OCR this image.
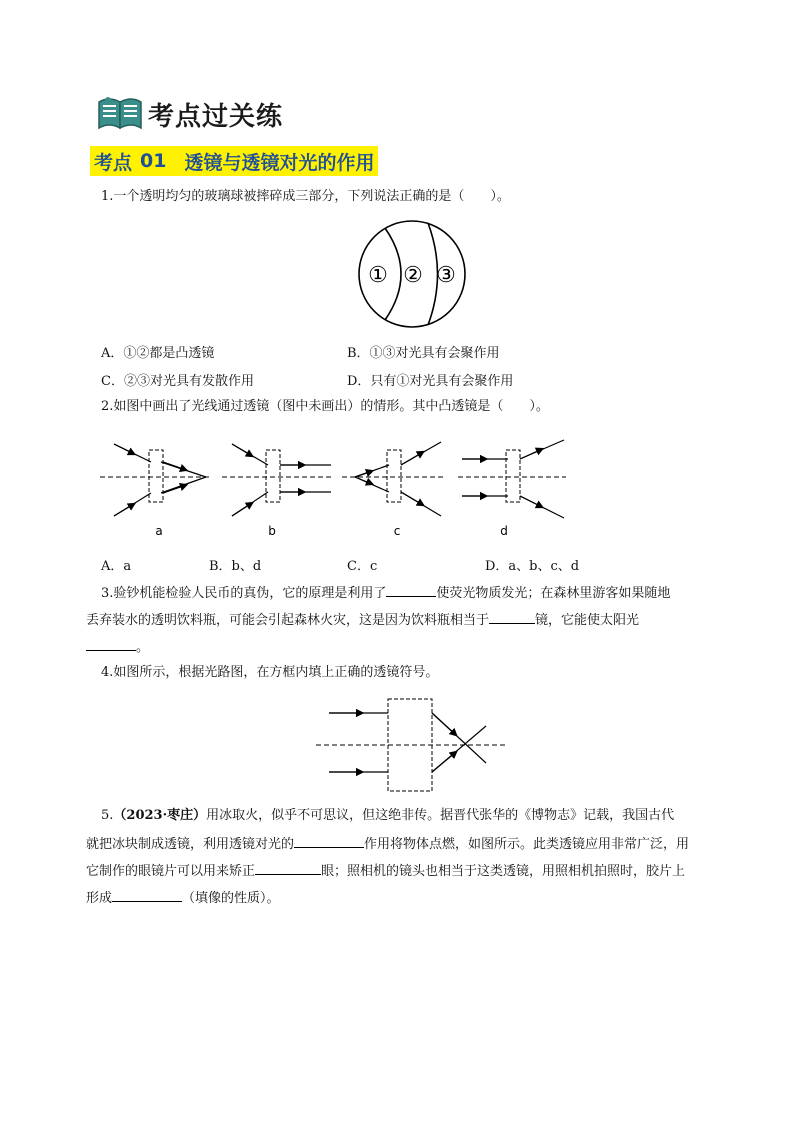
考点过关练
考点 01 透镜与透镜对光的作用
1.一个透明均匀的玻璃球被摔碎成三部分，下列说法正确的是（　　）。
① ② ③
A．①②都是凸透镜	B．①③对光具有会聚作用
C．②③对光具有发散作用	D．只有①对光具有会聚作用
2.如图中画出了光线通过透镜（图中未画出）的情形。其中凸透镜是（　　）。
a	b	c	d
A．a	B．b、d	C．c	D．a、b、c、d
3.验钞机能检验人民币的真伪，它的原理是利用了	使荧光物质发光；在森林里游客如果随地
丢弃装水的透明饮料瓶，可能会引起森林火灾，这是因为饮料瓶相当于	镜，它能使太阳光
。
4.如图所示，根据光路图，在方框内填上正确的透镜符号。
5.（2023·枣庄）用冰取火，似乎不可思议，但这绝非传。据晋代张华的《博物志》记载，我国古代
就把冰块制成透镜，利用透镜对光的	作用将物体点燃，如图所示。此类透镜应用非常广泛，用
它制作的眼镜片可以用来矫正	眼；照相机的镜头也相当于这类透镜，用照相机拍照时，胶片上
形成	（填像的性质）。
